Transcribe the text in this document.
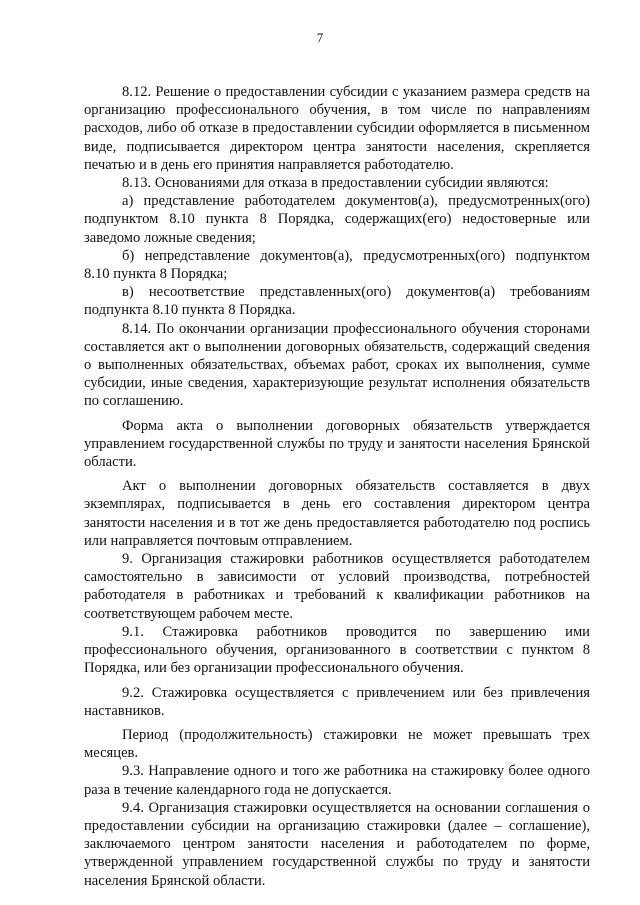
7

8.12. Решение о предоставлении субсидии с указанием размера средств на организацию профессионального обучения, в том числе по направлениям расходов, либо об отказе в предоставлении субсидии оформляется в письменном виде, подписывается директором центра занятости населения, скрепляется печатью и в день его принятия направляется работодателю.

8.13. Основаниями для отказа в предоставлении субсидии являются:

а) представление работодателем документов(а), предусмотренных(ого) подпунктом 8.10 пункта 8 Порядка, содержащих(его) недостоверные или заведомо ложные сведения;

б) непредставление документов(а), предусмотренных(ого) подпунктом 8.10 пункта 8 Порядка;

в) несоответствие представленных(ого) документов(а) требованиям подпункта 8.10 пункта 8 Порядка.

8.14. По окончании организации профессионального обучения сторонами составляется акт о выполнении договорных обязательств, содержащий сведения о выполненных обязательствах, объемах работ, сроках их выполнения, сумме субсидии, иные сведения, характеризующие результат исполнения обязательств по соглашению.

Форма акта о выполнении договорных обязательств утверждается управлением государственной службы по труду и занятости населения Брянской области.

Акт о выполнении договорных обязательств составляется в двух экземплярах, подписывается в день его составления директором центра занятости населения и в тот же день предоставляется работодателю под роспись или направляется почтовым отправлением.

9. Организация стажировки работников осуществляется работодателем самостоятельно в зависимости от условий производства, потребностей работодателя в работниках и требований к квалификации работников на соответствующем рабочем месте.

9.1. Стажировка работников проводится по завершению ими профессионального обучения, организованного в соответствии с пунктом 8 Порядка, или без организации профессионального обучения.

9.2. Стажировка осуществляется с привлечением или без привлечения наставников.

Период (продолжительность) стажировки не может превышать трех месяцев.

9.3. Направление одного и того же работника на стажировку более одного раза в течение календарного года не допускается.

9.4. Организация стажировки осуществляется на основании соглашения о предоставлении субсидии на организацию стажировки (далее – соглашение), заключаемого центром занятости населения и работодателем по форме, утвержденной управлением государственной службы по труду и занятости населения Брянской области.
